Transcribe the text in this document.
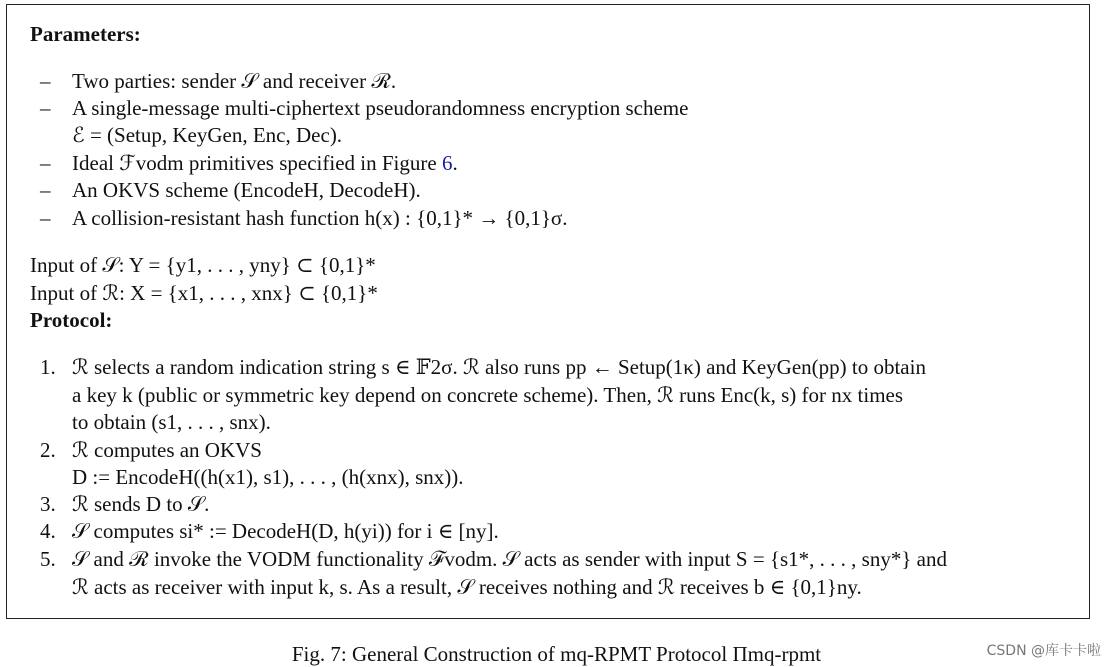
Parameters:
– Two parties: sender 𝒮 and receiver ℛ.
– A single-message multi-ciphertext pseudorandomness encryption scheme
ℰ = (Setup, KeyGen, Enc, Dec).
– Ideal ℱvodm primitives specified in Figure 6.
– An OKVS scheme (EncodeH, DecodeH).
– A collision-resistant hash function h(x) : {0,1}* → {0,1}σ.
Input of 𝒮: Y = {y1, . . . , yny} ⊂ {0,1}*
Input of ℛ: X = {x1, . . . , xnx} ⊂ {0,1}*
Protocol:
1. ℛ selects a random indication string s ∈ 𝔽2σ. ℛ also runs pp ← Setup(1κ) and KeyGen(pp) to obtain
a key k (public or symmetric key depend on concrete scheme). Then, ℛ runs Enc(k, s) for nx times
to obtain (s1, . . . , snx).
2. ℛ computes an OKVS
D := EncodeH((h(x1), s1), . . . , (h(xnx), snx)).
3. ℛ sends D to 𝒮.
4. 𝒮 computes si* := DecodeH(D, h(yi)) for i ∈ [ny].
5. 𝒮 and ℛ invoke the VODM functionality ℱvodm. 𝒮 acts as sender with input S = {s1*, . . . , sny*} and
ℛ acts as receiver with input k, s. As a result, 𝒮 receives nothing and ℛ receives b ∈ {0,1}ny.
Fig. 7: General Construction of mq-RPMT Protocol Πmq-rpmt	CSDN @库卡卡啦
